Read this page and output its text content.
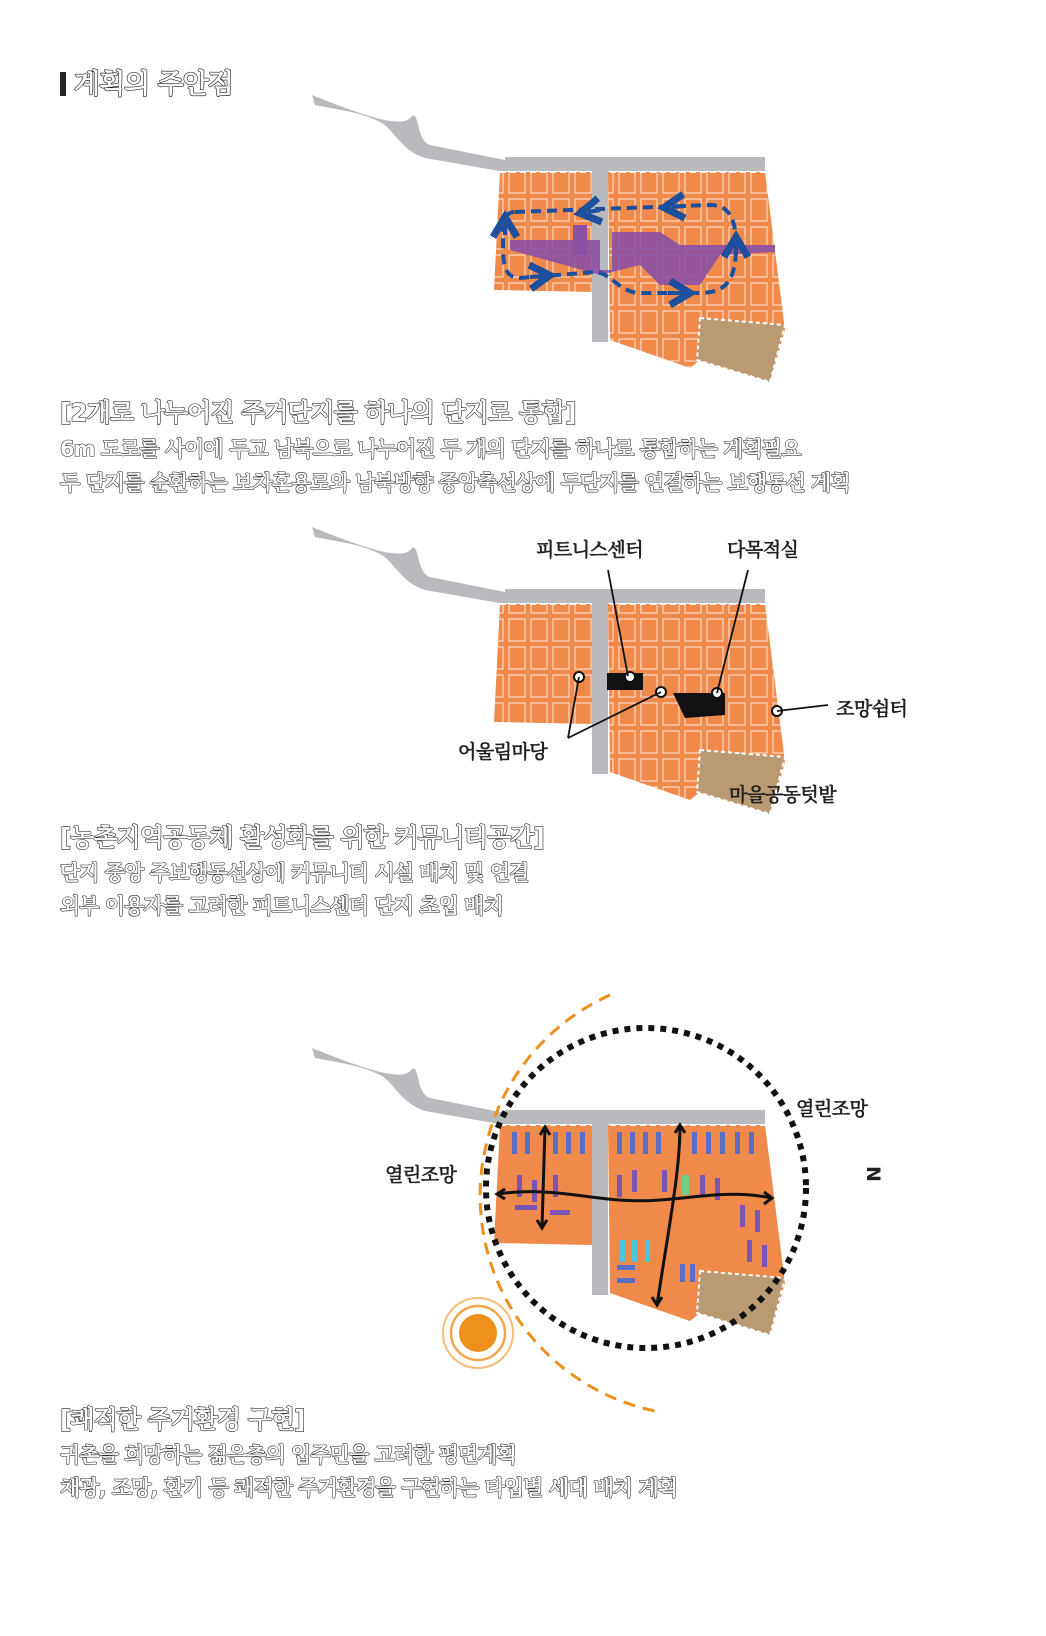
계획의 주안점
[2개로 나누어진 주거단지를 하나의 단지로 통합]
6m 도로를 사이에 두고 남북으로 나누어진 두 개의 단지를 하나로 통합하는 계획필요
두 단지를 순환하는 보차혼용로와 남북방향 중앙축선상에 두단지를 연결하는 보행동선 계획
피트니스센터	다목적실
어울림마당
조망쉼터
마을공동텃밭
[농촌지역공동체 활성화를 위한 커뮤니티공간]
단지 중앙 주보행동선상에 커뮤니티 시설 배치 및 연결
외부 이용자를 고려한 피트니스센터 단지 초입 배치
열린조망
열린조망	N
[쾌적한 주거환경 구현]
귀촌을 희망하는 젊은층의 입주민을 고려한 평면계획
채광, 조망, 환기 등 쾌적한 주거환경을 구현하는 타입별 세대 배치 계획
